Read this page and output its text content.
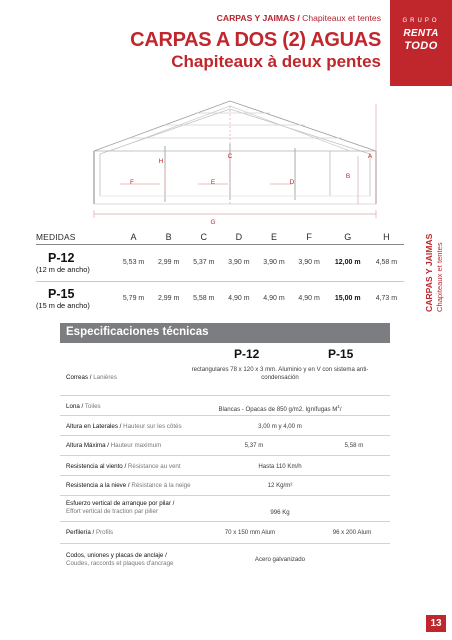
CARPAS Y JAIMAS / Chapiteaux et tentes
CARPAS A DOS (2) AGUAS
Chapiteaux à deux pentes
GRUPO
RENTA
TODO
H
C	A
B
F	E	D
G
CARPAS Y JAIMAS Chapiteaux et tentes
MEDIDAS	A	B	C	D	E	F	G	H

P-12
(12 m de ancho)	5,53 m	2,99 m	5,37 m	3,90 m	3,90 m	3,90 m	12,00 m	4,58 m

P-15
(15 m de ancho)	5,79 m	2,99 m	5,58 m	4,90 m	4,90 m	4,90 m	15,00 m	4,73 m
Especificaciones técnicas
P-12	P-15
Correas / Lanières
rectangulares 78 x 120 x 3 mm. Aluminio y en V con sistema anti-condensación
Lona / Toiles	Blancas - Opacas de 850 g/m2. Ignífugas $M^1/$
Altura en Laterales / Hauteur sur les côtés	3,00 m y 4,00 m
Altura Máxima / Hauteur maximum	5,37 m	5,58 m
Resistencia al viento / Résistance au vent	Hasta 110 Km/h
Resistencia a la nieve / Résistance à la neige	12 Kg/m²
Esfuerzo vertical de arranque por pilar /
Effort vertical de traction par pilier	996 Kg
Perfilería / Profils	70 x 150 mm Alum	96 x 200 Alum
Codos, uniones y placas de anclaje /
Coudes, raccords et plaques d'ancrage
Acero galvanizado
13
